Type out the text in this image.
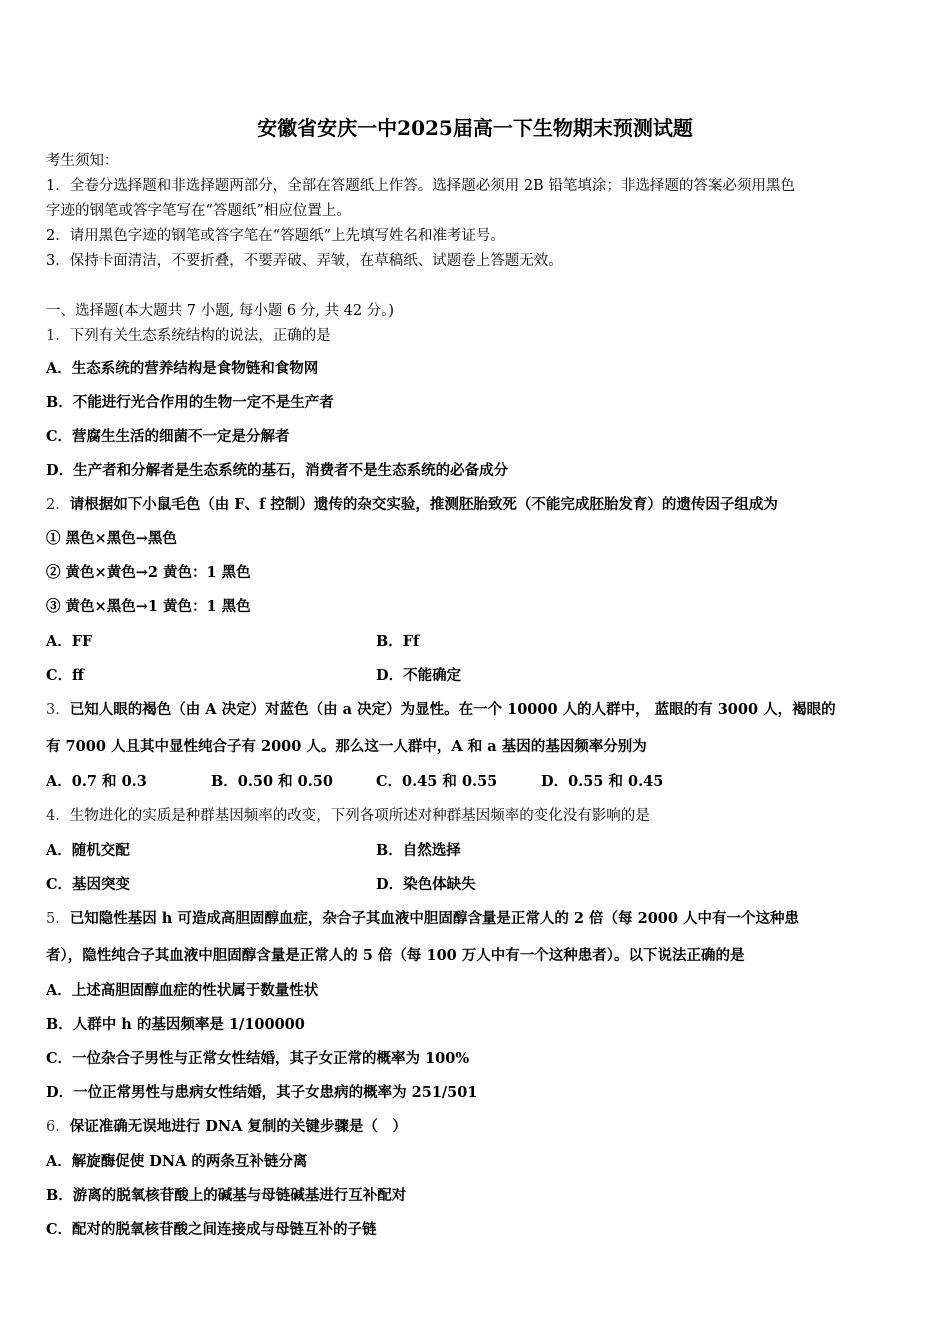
安徽省安庆一中2025届高一下生物期末预测试题
考生须知：
1．全卷分选择题和非选择题两部分，全部在答题纸上作答。选择题必须用 2B 铅笔填涂；非选择题的答案必须用黑色
字迹的钢笔或答字笔写在“答题纸”相应位置上。
2．请用黑色字迹的钢笔或答字笔在“答题纸”上先填写姓名和准考证号。
3．保持卡面清洁，不要折叠，不要弄破、弄皱，在草稿纸、试题卷上答题无效。
一、选择题(本大题共 7 小题, 每小题 6 分, 共 42 分。)
1．下列有关生态系统结构的说法，正确的是
A．生态系统的营养结构是食物链和食物网
B．不能进行光合作用的生物一定不是生产者
C．营腐生生活的细菌不一定是分解者
D．生产者和分解者是生态系统的基石，消费者不是生态系统的必备成分
2．请根据如下小鼠毛色（由 F、f 控制）遗传的杂交实验，推测胚胎致死（不能完成胚胎发育）的遗传因子组成为
① 黑色×黑色→黑色
② 黄色×黄色→2 黄色：1 黑色
③ 黄色×黑色→1 黄色：1 黑色
A．FF	B．Ff
C．ff	D．不能确定
3．已知人眼的褐色（由 A 决定）对蓝色（由 a 决定）为显性。在一个 10000 人的人群中， 蓝眼的有 3000 人，褐眼的
有 7000 人且其中显性纯合子有 2000 人。那么这一人群中，A 和 a 基因的基因频率分别为
A．0.7 和 0.3	B．0.50 和 0.50	C．0.45 和 0.55	D．0.55 和 0.45
4．生物进化的实质是种群基因频率的改变，下列各项所述对种群基因频率的变化没有影响的是
A．随机交配	B．自然选择
C．基因突变	D．染色体缺失
5．已知隐性基因 h 可造成高胆固醇血症，杂合子其血液中胆固醇含量是正常人的 2 倍（每 2000 人中有一个这种患
者），隐性纯合子其血液中胆固醇含量是正常人的 5 倍（每 100 万人中有一个这种患者）。以下说法正确的是
A．上述高胆固醇血症的性状属于数量性状
B．人群中 h 的基因频率是 1/100000
C．一位杂合子男性与正常女性结婚，其子女正常的概率为 100%
D．一位正常男性与患病女性结婚，其子女患病的概率为 251/501
6．保证准确无误地进行 DNA 复制的关键步骤是（　）
A．解旋酶促使 DNA 的两条互补链分离
B．游离的脱氧核苷酸上的碱基与母链碱基进行互补配对
C．配对的脱氧核苷酸之间连接成与母链互补的子链
